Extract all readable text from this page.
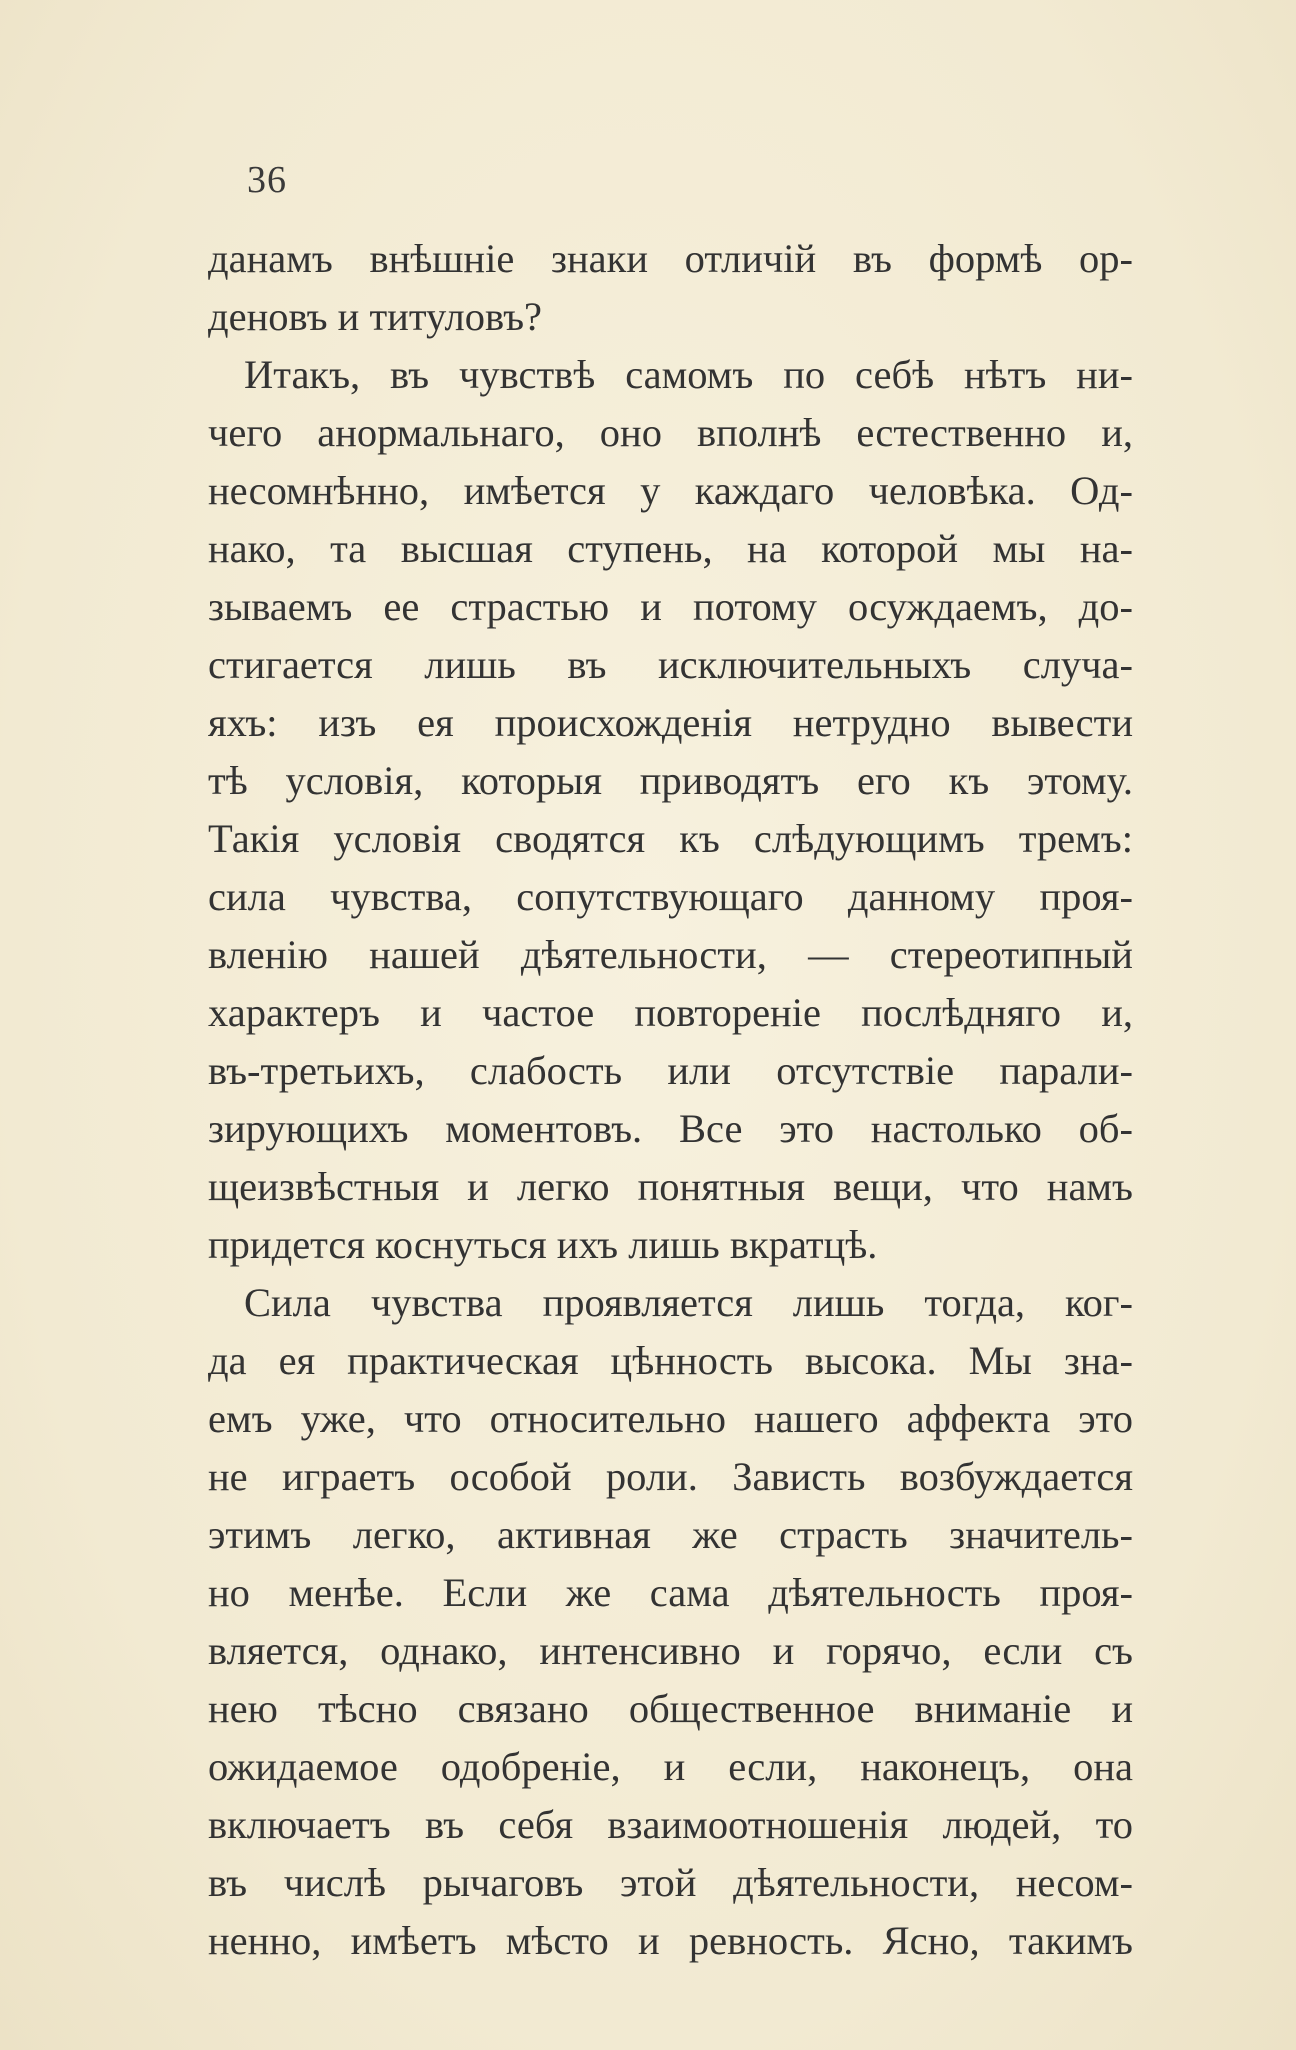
36
данамъ внѣшніе знаки отличій въ формѣ ор-
деновъ и титуловъ?
Итакъ, въ чувствѣ самомъ по себѣ нѣтъ ни-
чего анормальнаго, оно вполнѣ естественно и,
несомнѣнно, имѣется у каждаго человѣка. Од-
нако, та высшая ступень, на которой мы на-
зываемъ ее страстью и потому осуждаемъ, до-
стигается лишь въ исключительныхъ случа-
яхъ: изъ ея происхожденія нетрудно вывести
тѣ условія, которыя приводятъ его къ этому.
Такія условія сводятся къ слѣдующимъ тремъ:
сила чувства, сопутствующаго данному проя-
вленію нашей дѣятельности, — стереотипный
характеръ и частое повтореніе послѣдняго и,
въ-третьихъ, слабость или отсутствіе парали-
зирующихъ моментовъ. Все это настолько об-
щеизвѣстныя и легко понятныя вещи, что намъ
придется коснуться ихъ лишь вкратцѣ.
Сила чувства проявляется лишь тогда, ког-
да ея практическая цѣнность высока. Мы зна-
емъ уже, что относительно нашего аффекта это
не играетъ особой роли. Зависть возбуждается
этимъ легко, активная же страсть значитель-
но менѣе. Если же сама дѣятельность проя-
вляется, однако, интенсивно и горячо, если съ
нею тѣсно связано общественное вниманіе и
ожидаемое одобреніе, и если, наконецъ, она
включаетъ въ себя взаимоотношенія людей, то
въ числѣ рычаговъ этой дѣятельности, несом-
ненно, имѣетъ мѣсто и ревность. Ясно, такимъ
